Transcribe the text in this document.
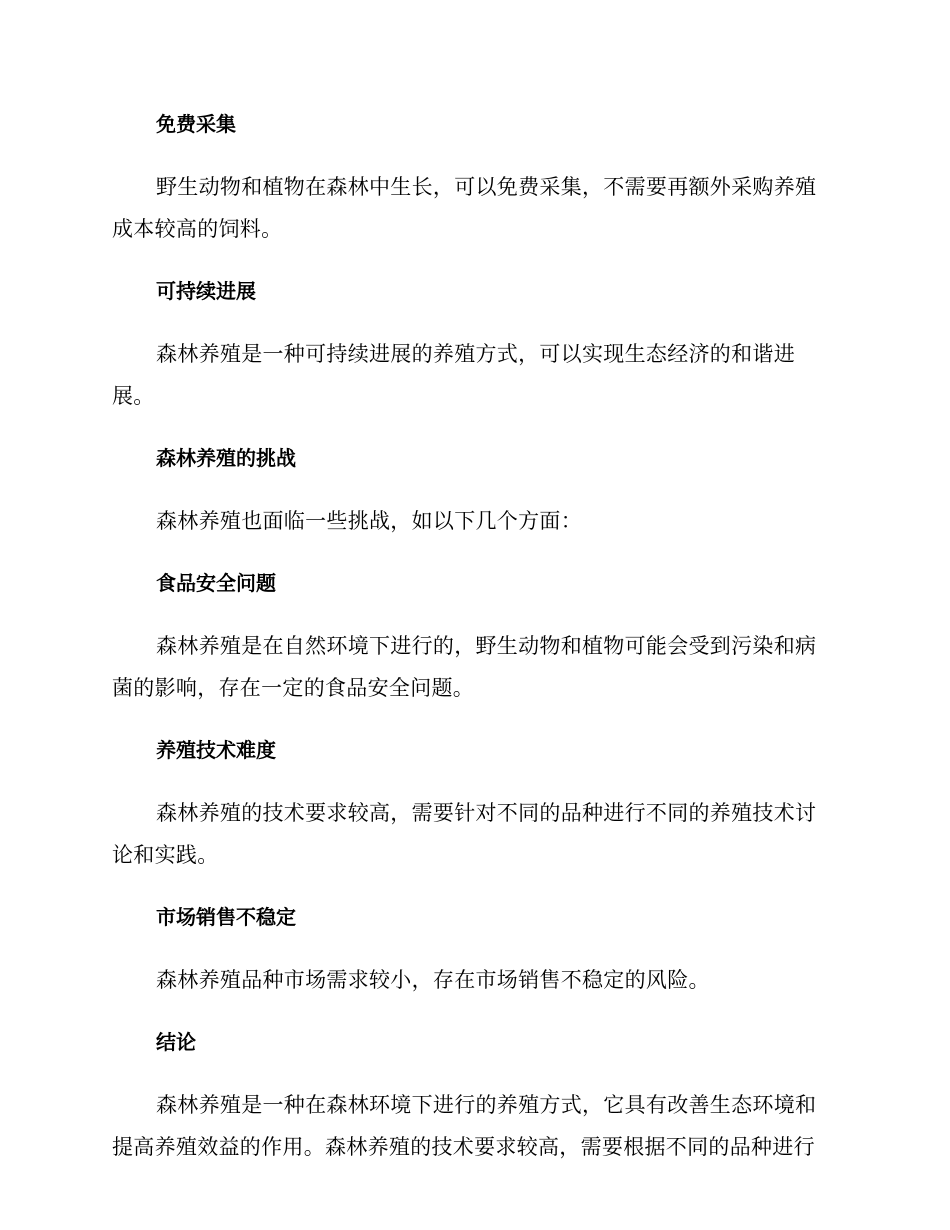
免费采集

野生动物和植物在森林中生长，可以免费采集，不需要再额外采购养殖成本较高的饲料。

可持续进展

森林养殖是一种可持续进展的养殖方式，可以实现生态经济的和谐进展。

森林养殖的挑战

森林养殖也面临一些挑战，如以下几个方面：

食品安全问题

森林养殖是在自然环境下进行的，野生动物和植物可能会受到污染和病菌的影响，存在一定的食品安全问题。

养殖技术难度

森林养殖的技术要求较高，需要针对不同的品种进行不同的养殖技术讨论和实践。

市场销售不稳定

森林养殖品种市场需求较小，存在市场销售不稳定的风险。

结论

森林养殖是一种在森林环境下进行的养殖方式，它具有改善生态环境和提高养殖效益的作用。森林养殖的技术要求较高，需要根据不同的品种进行
